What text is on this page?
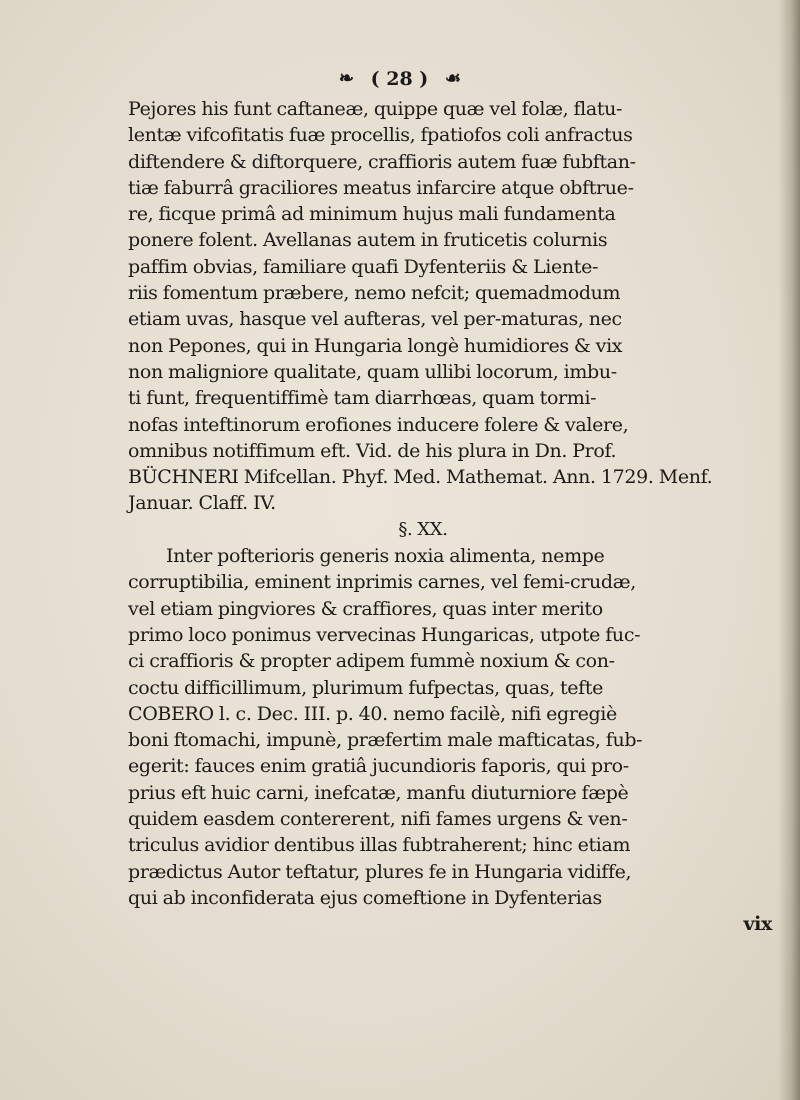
❧ ( 28 ) ☙
Pejores his funt caftaneæ, quippe quæ vel folæ, flatu-
lentæ vifcofitatis fuæ procellis, fpatiofos coli anfractus
diftendere & diftorquere, craffioris autem fuæ fubftan-
tiæ faburrâ graciliores meatus infarcire atque obftrue-
re, ficque primâ ad minimum hujus mali fundamenta
ponere folent. Avellanas autem in fruticetis colurnis
paffim obvias, familiare quafi Dyfenteriis & Liente-
riis fomentum præbere, nemo nefcit; quemadmodum
etiam uvas, hasque vel aufteras, vel per-maturas, nec
non Pepones, qui in Hungaria longè humidiores & vix
non maligniore qualitate, quam ullibi locorum, imbu-
ti funt, frequentiffimè tam diarrhœas, quam tormi-
nofas inteftinorum erofiones inducere folere & valere,
omnibus notiffimum eft. Vid. de his plura in Dn. Prof.
BÜCHNERI Mifcellan. Phyf. Med. Mathemat. Ann. 1729. Menf.
Januar. Claff. IV.
§. XX.
Inter pofterioris generis noxia alimenta, nempe
corruptibilia, eminent inprimis carnes, vel femi-crudæ,
vel etiam pingviores & craffiores, quas inter merito
primo loco ponimus vervecinas Hungaricas, utpote fuc-
ci craffioris & propter adipem fummè noxium & con-
coctu difficillimum, plurimum fufpectas, quas, tefte
COBERO l. c. Dec. III. p. 40. nemo facilè, nifi egregiè
boni ftomachi, impunè, præfertim male mafticatas, fub-
egerit: fauces enim gratiâ jucundioris faporis, qui pro-
prius eft huic carni, inefcatæ, manfu diuturniore fæpè
quidem easdem contererent, nifi fames urgens & ven-
triculus avidior dentibus illas fubtraherent; hinc etiam
prædictus Autor teftatur, plures fe in Hungaria vidiffe,
qui ab inconfiderata ejus comeftione in Dyfenterias
vix
